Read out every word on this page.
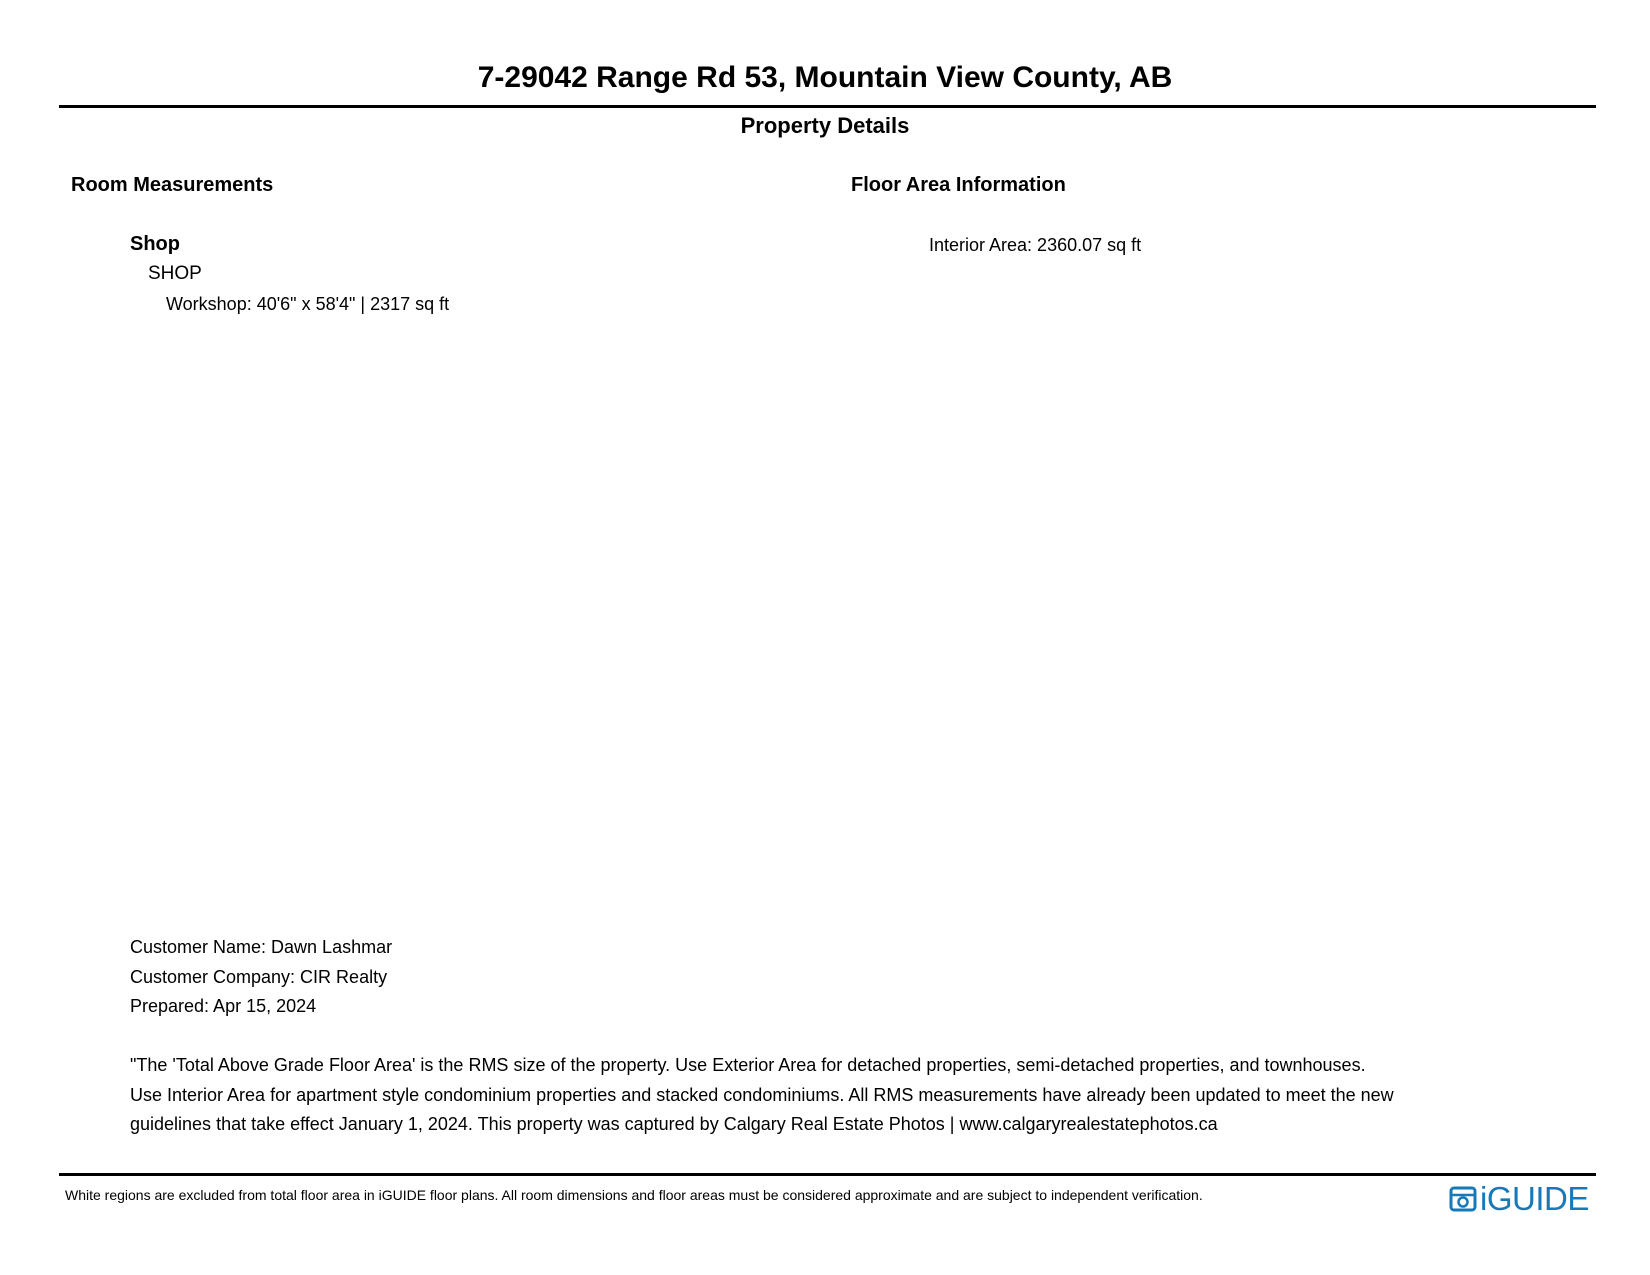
7-29042 Range Rd 53, Mountain View County, AB
Property Details
Room Measurements	Floor Area Information
Shop
SHOP
Workshop: 40'6" x 58'4" | 2317 sq ft
Interior Area: 2360.07 sq ft
Customer Name: Dawn Lashmar
Customer Company: CIR Realty
Prepared: Apr 15, 2024
"The 'Total Above Grade Floor Area' is the RMS size of the property. Use Exterior Area for detached properties, semi-detached properties, and townhouses.
Use Interior Area for apartment style condominium properties and stacked condominiums. All RMS measurements have already been updated to meet the new
guidelines that take effect January 1, 2024. This property was captured by Calgary Real Estate Photos | www.calgaryrealestatephotos.ca
White regions are excluded from total floor area in iGUIDE floor plans. All room dimensions and floor areas must be considered approximate and are subject to independent verification.	iGUIDE
